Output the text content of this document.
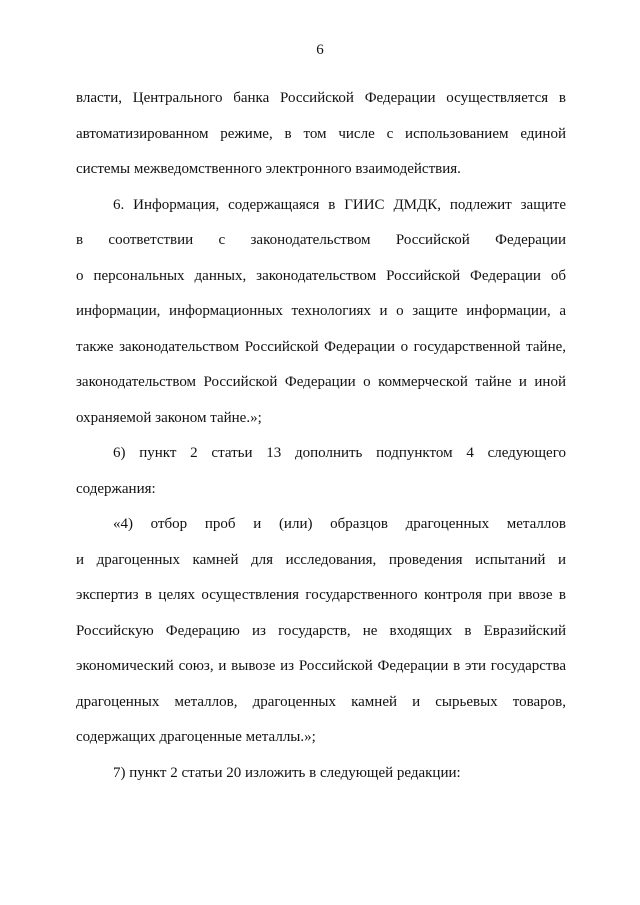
6
власти, Центрального банка Российской Федерации осуществляется в
автоматизированном режиме, в том числе с использованием единой
системы межведомственного электронного взаимодействия.
6. Информация, содержащаяся в ГИИС ДМДК, подлежит защите
в соответствии с законодательством Российской Федерации
о персональных данных, законодательством Российской Федерации об
информации, информационных технологиях и о защите информации, а
также законодательством Российской Федерации о государственной тайне,
законодательством Российской Федерации о коммерческой тайне и иной
охраняемой законом тайне.»;
6) пункт 2 статьи 13 дополнить подпунктом 4 следующего
содержания:
«4) отбор проб и (или) образцов драгоценных металлов
и драгоценных камней для исследования, проведения испытаний и
экспертиз в целях осуществления государственного контроля при ввозе в
Российскую Федерацию из государств, не входящих в Евразийский
экономический союз, и вывозе из Российской Федерации в эти государства
драгоценных металлов, драгоценных камней и сырьевых товаров,
содержащих драгоценные металлы.»;
7) пункт 2 статьи 20 изложить в следующей редакции:
